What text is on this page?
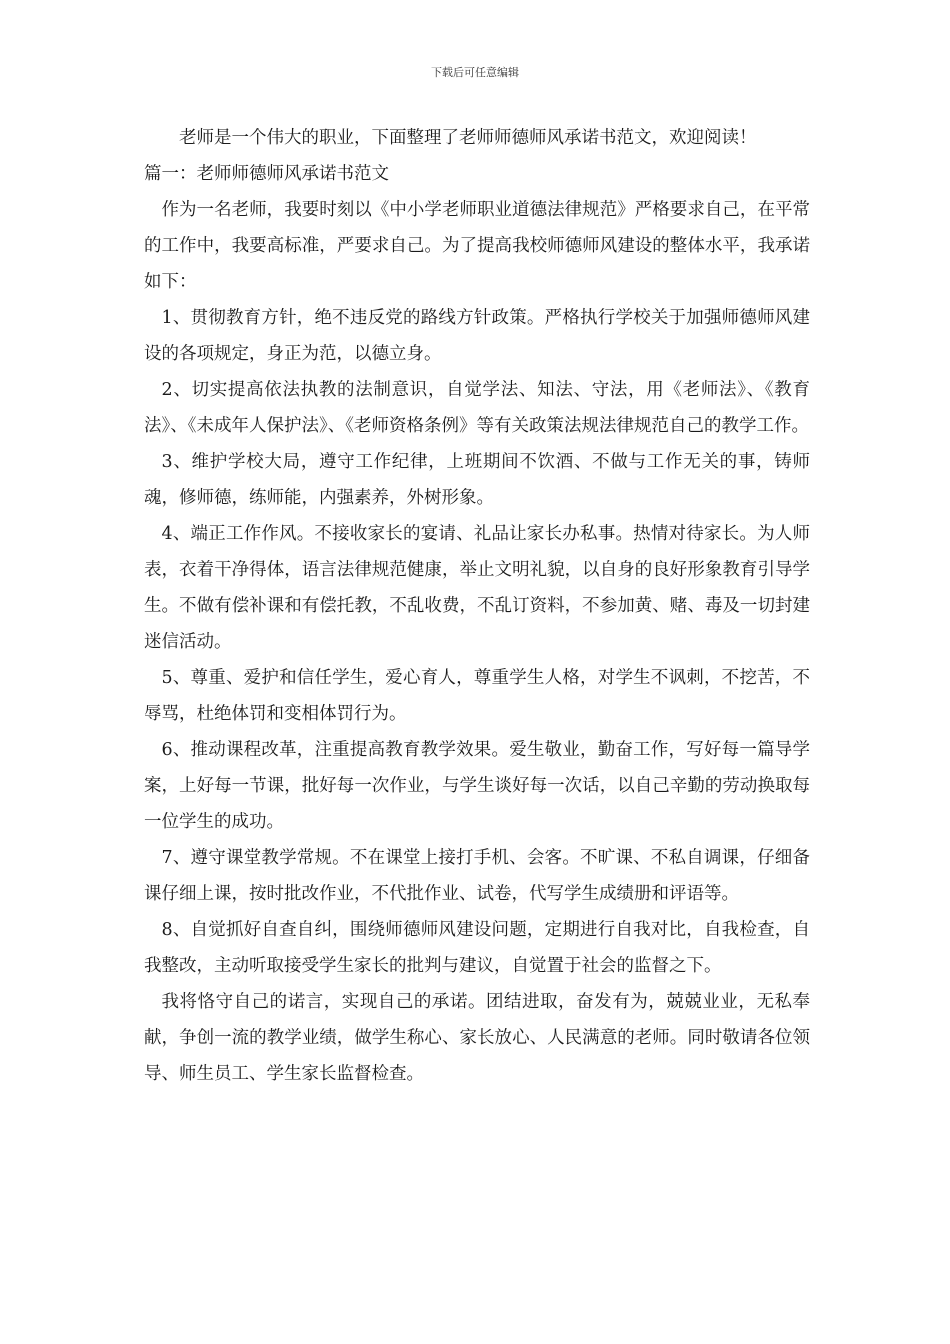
下载后可任意编辑

老师是一个伟大的职业，下面整理了老师师德师风承诺书范文，欢迎阅读！

篇一：老师师德师风承诺书范文

作为一名老师，我要时刻以《中小学老师职业道德法律规范》严格要求自己，在平常的工作中，我要高标准，严要求自己。为了提高我校师德师风建设的整体水平，我承诺如下：

1、贯彻教育方针，绝不违反党的路线方针政策。严格执行学校关于加强师德师风建设的各项规定，身正为范，以德立身。

2、切实提高依法执教的法制意识，自觉学法、知法、守法，用《老师法》、《教育法》、《未成年人保护法》、《老师资格条例》等有关政策法规法律规范自己的教学工作。

3、维护学校大局，遵守工作纪律，上班期间不饮酒、不做与工作无关的事，铸师魂，修师德，练师能，内强素养，外树形象。

4、端正工作作风。不接收家长的宴请、礼品让家长办私事。热情对待家长。为人师表，衣着干净得体，语言法律规范健康，举止文明礼貌，以自身的良好形象教育引导学生。不做有偿补课和有偿托教，不乱收费，不乱订资料，不参加黄、赌、毒及一切封建迷信活动。

5、尊重、爱护和信任学生，爱心育人，尊重学生人格，对学生不讽刺，不挖苦，不辱骂，杜绝体罚和变相体罚行为。

6、推动课程改革，注重提高教育教学效果。爱生敬业，勤奋工作，写好每一篇导学案，上好每一节课，批好每一次作业，与学生谈好每一次话，以自己辛勤的劳动换取每一位学生的成功。

7、遵守课堂教学常规。不在课堂上接打手机、会客。不旷课、不私自调课，仔细备课仔细上课，按时批改作业，不代批作业、试卷，代写学生成绩册和评语等。

8、自觉抓好自查自纠，围绕师德师风建设问题，定期进行自我对比，自我检查，自我整改，主动听取接受学生家长的批判与建议，自觉置于社会的监督之下。

我将恪守自己的诺言，实现自己的承诺。团结进取，奋发有为，兢兢业业，无私奉献，争创一流的教学业绩，做学生称心、家长放心、人民满意的老师。同时敬请各位领导、师生员工、学生家长监督检查。
